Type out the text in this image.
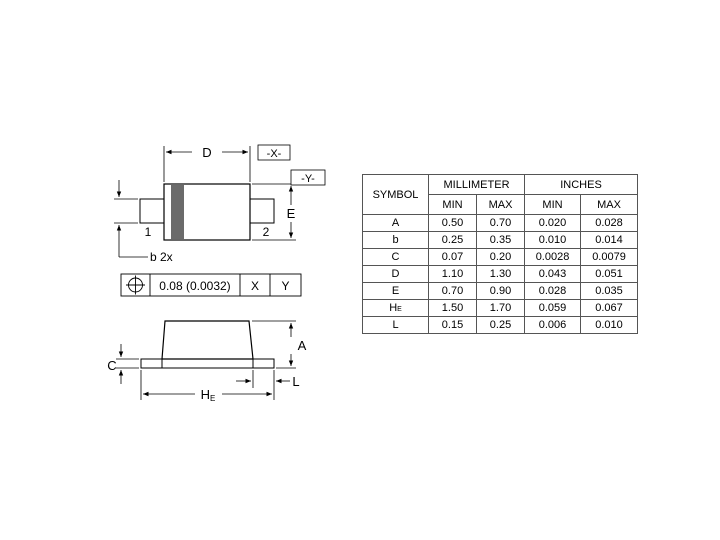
D	-X-
-Y-
E
b 2x
1	2
0.08 (0.0032) X Y
A
C
L
HE
SYMBOL	MILLIMETER		INCHES	
	MIN	MAX	MIN	MAX
A	0.50	0.70	0.020	0.028
b	0.25	0.35	0.010	0.014
C	0.07	0.20	0.0028	0.0079
D	1.10	1.30	0.043	0.051
E	0.70	0.90	0.028	0.035
HE	1.50	1.70	0.059	0.067
L	0.15	0.25	0.006	0.010
